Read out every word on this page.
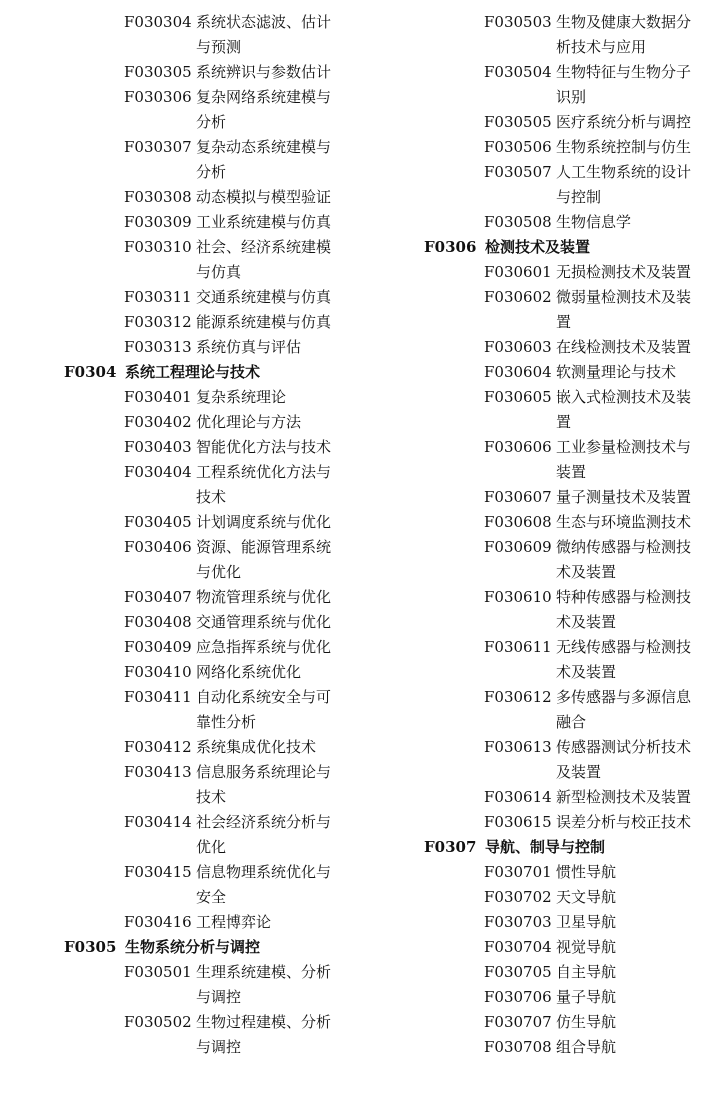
F030304 系统状态滤波、估计与预测
F030305 系统辨识与参数估计
F030306 复杂网络系统建模与分析
F030307 复杂动态系统建模与分析
F030308 动态模拟与模型验证
F030309 工业系统建模与仿真
F030310 社会、经济系统建模与仿真
F030311 交通系统建模与仿真
F030312 能源系统建模与仿真
F030313 系统仿真与评估
F0304 系统工程理论与技术
F030401 复杂系统理论
F030402 优化理论与方法
F030403 智能优化方法与技术
F030404 工程系统优化方法与技术
F030405 计划调度系统与优化
F030406 资源、能源管理系统与优化
F030407 物流管理系统与优化
F030408 交通管理系统与优化
F030409 应急指挥系统与优化
F030410 网络化系统优化
F030411 自动化系统安全与可靠性分析
F030412 系统集成优化技术
F030413 信息服务系统理论与技术
F030414 社会经济系统分析与优化
F030415 信息物理系统优化与安全
F030416 工程博弈论
F0305 生物系统分析与调控
F030501 生理系统建模、分析与调控
F030502 生物过程建模、分析与调控
F030503 生物及健康大数据分析技术与应用
F030504 生物特征与生物分子识别
F030505 医疗系统分析与调控
F030506 生物系统控制与仿生
F030507 人工生物系统的设计与控制
F030508 生物信息学
F0306 检测技术及装置
F030601 无损检测技术及装置
F030602 微弱量检测技术及装置
F030603 在线检测技术及装置
F030604 软测量理论与技术
F030605 嵌入式检测技术及装置
F030606 工业参量检测技术与装置
F030607 量子测量技术及装置
F030608 生态与环境监测技术
F030609 微纳传感器与检测技术及装置
F030610 特种传感器与检测技术及装置
F030611 无线传感器与检测技术及装置
F030612 多传感器与多源信息融合
F030613 传感器测试分析技术及装置
F030614 新型检测技术及装置
F030615 误差分析与校正技术
F0307 导航、制导与控制
F030701 惯性导航
F030702 天文导航
F030703 卫星导航
F030704 视觉导航
F030705 自主导航
F030706 量子导航
F030707 仿生导航
F030708 组合导航
